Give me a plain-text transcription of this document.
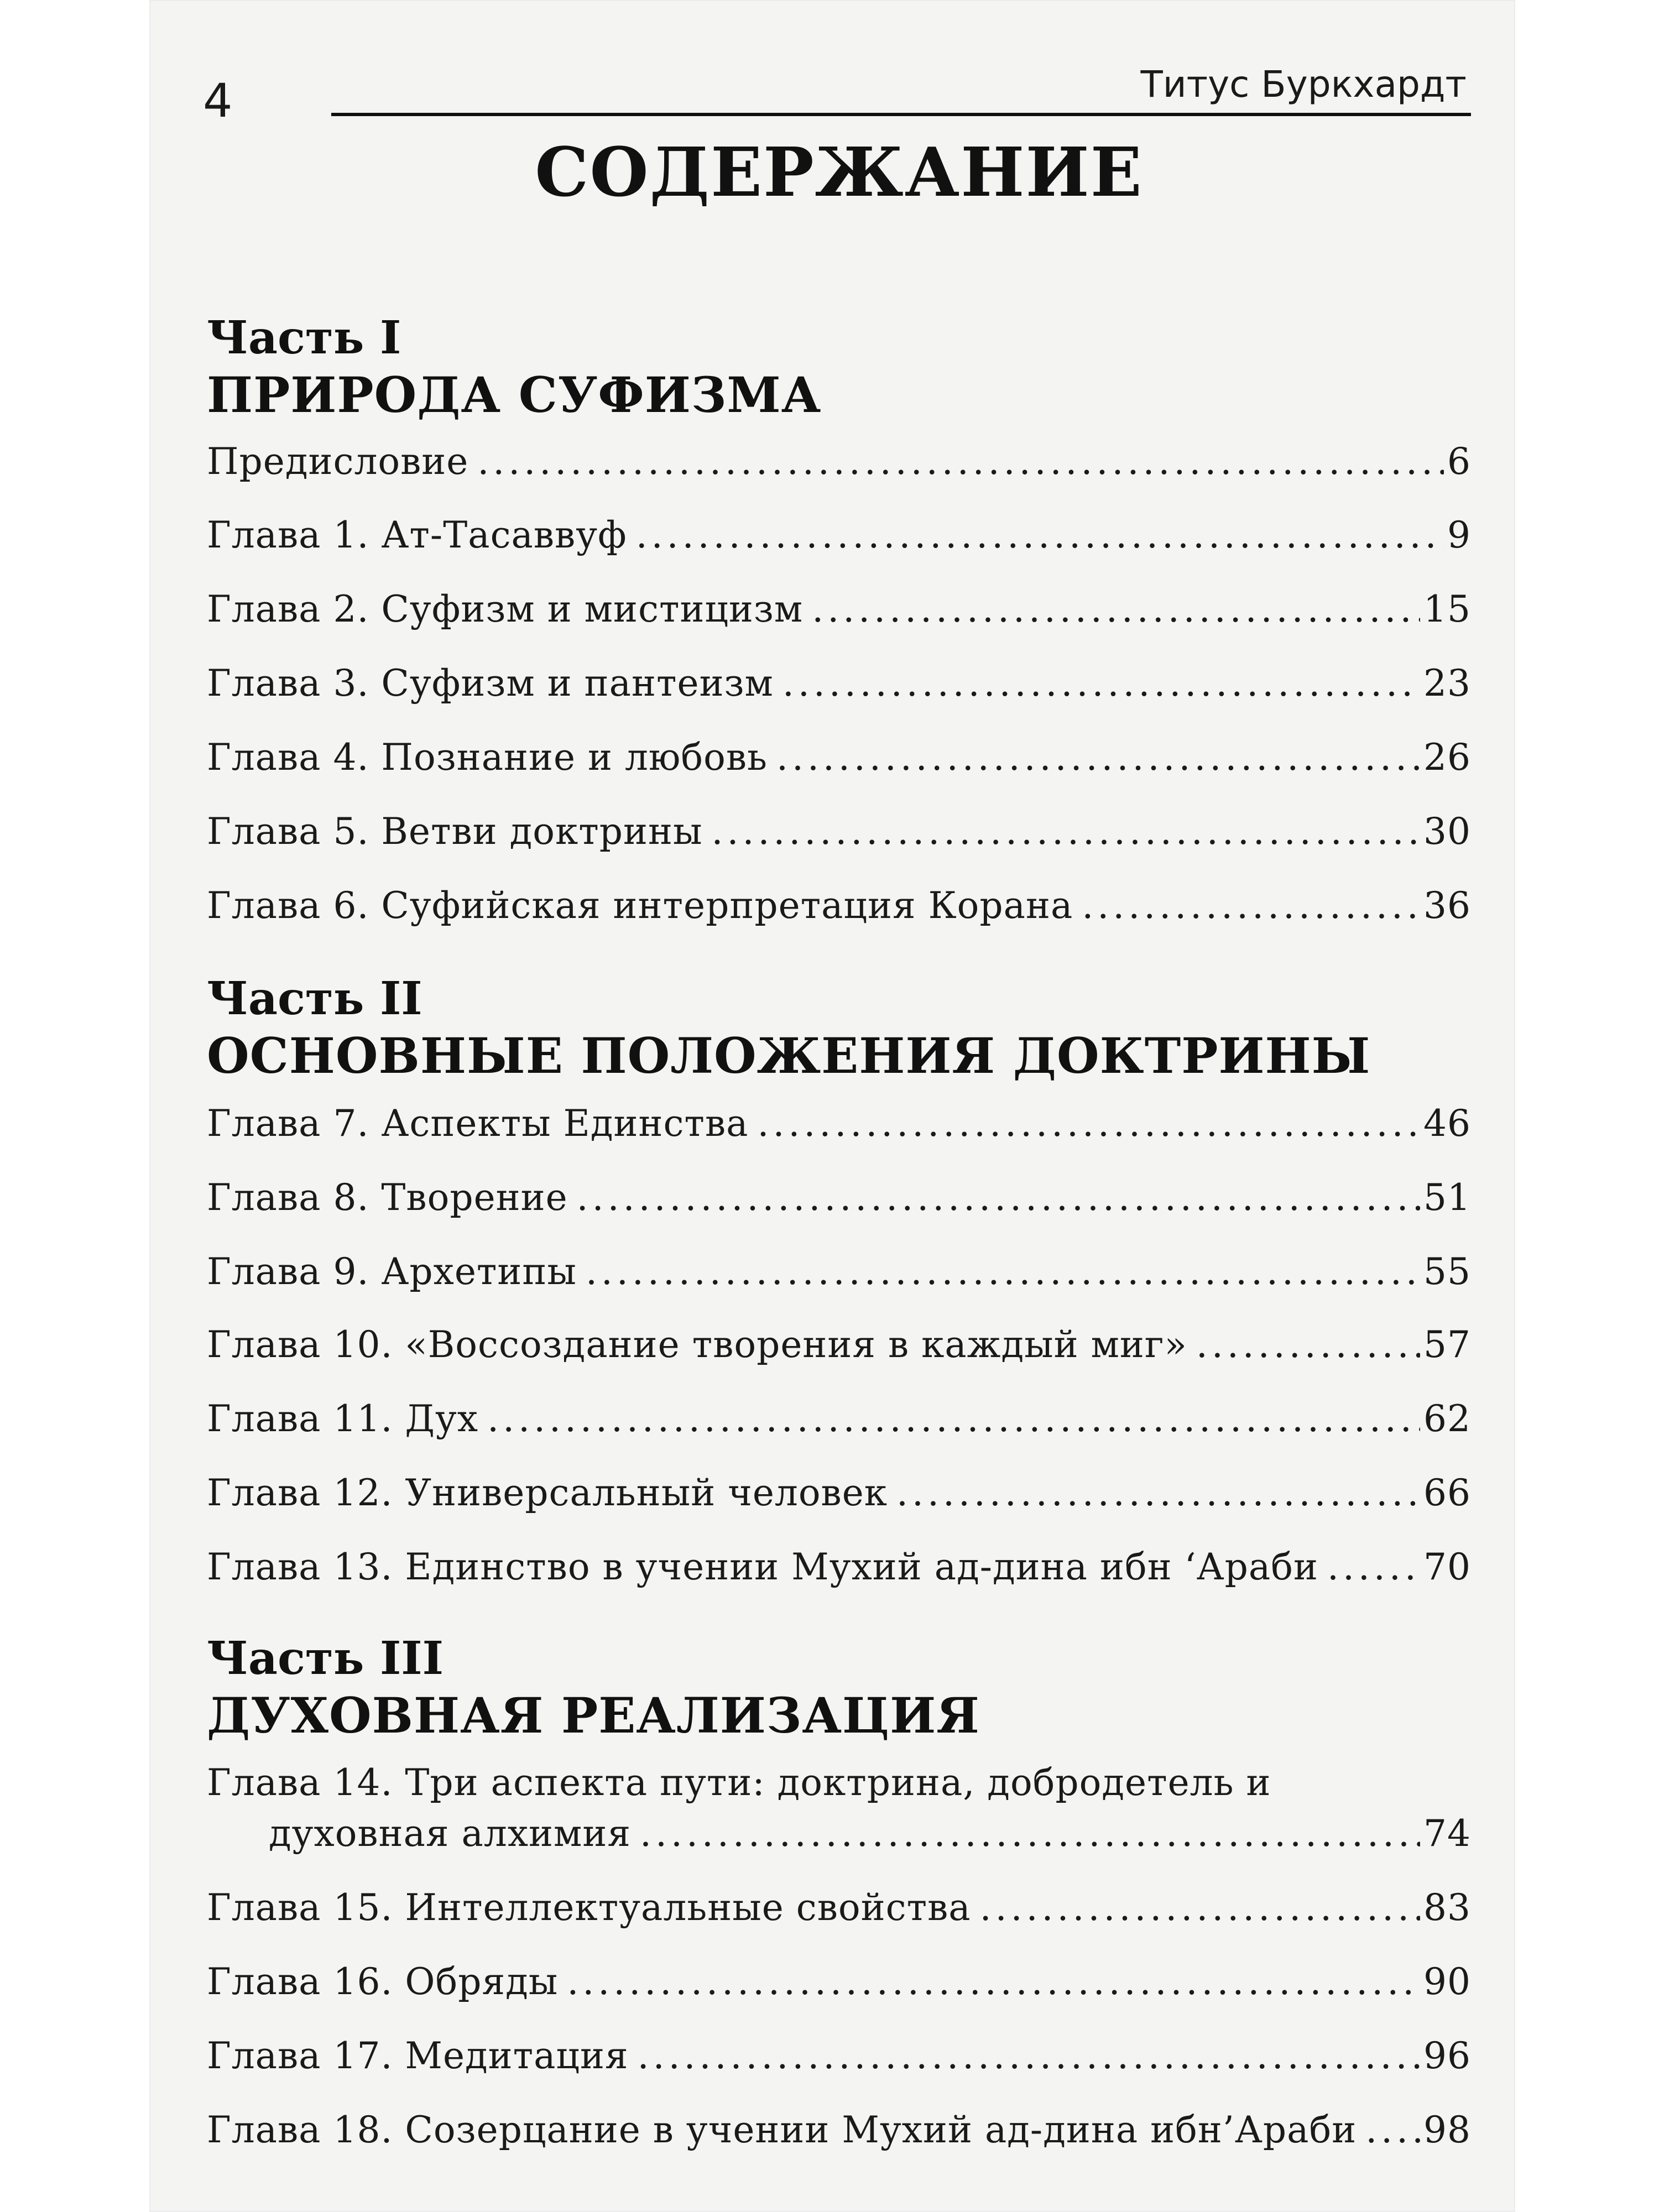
4	Титус Буркхардт
СОДЕРЖАНИЕ
Часть I
ПРИРОДА СУФИЗМА
Предисловие .....	6
Глава 1. Ат-Тасаввуф .....	9
Глава 2. Суфизм и мистицизм .....	15
Глава 3. Суфизм и пантеизм .....	23
Глава 4. Познание и любовь .....	26
Глава 5. Ветви доктрины .....	30
Глава 6. Суфийская интерпретация Корана .....	36
Часть II
ОСНОВНЫЕ ПОЛОЖЕНИЯ ДОКТРИНЫ
Глава 7. Аспекты Единства .....	46
Глава 8. Творение .....	51
Глава 9. Архетипы .....	55
Глава 10. «Воссоздание творения в каждый миг» .....	57
Глава 11. Дух .....	62
Глава 12. Универсальный человек .....	66
Глава 13. Единство в учении Мухий ад-дина ибн ‘Араби .....	70
Часть III
ДУХОВНАЯ РЕАЛИЗАЦИЯ
Глава 14. Три аспекта пути: доктрина, добродетель и
духовная алхимия .....	74
Глава 15. Интеллектуальные свойства .....	83
Глава 16. Обряды .....	90
Глава 17. Медитация .....	96
Глава 18. Созерцание в учении Мухий ад-дина ибн’Араби ..... 98
